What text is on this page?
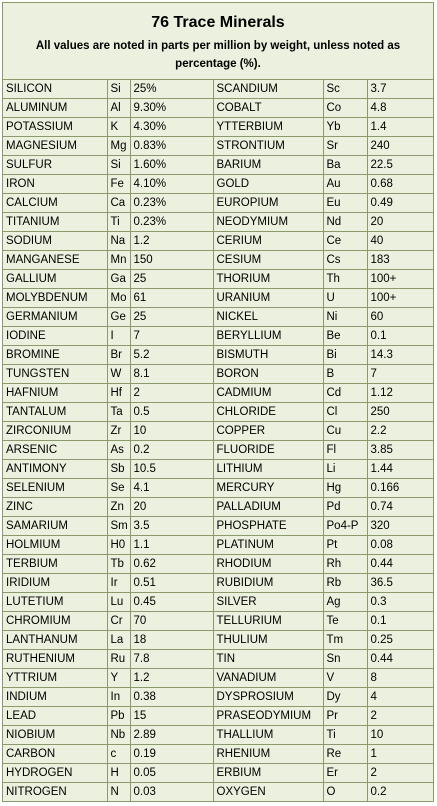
76 Trace Minerals
All values are noted in parts per million by weight, unless noted as percentage (%).
SILICON	Si	25%	SCANDIUM	Sc	3.7
ALUMINUM	Al	9.30%	COBALT	Co	4.8
POTASSIUM	K	4.30%	YTTERBIUM	Yb	1.4
MAGNESIUM	Mg	0.83%	STRONTIUM	Sr	240
SULFUR	Si	1.60%	BARIUM	Ba	22.5
IRON	Fe	4.10%	GOLD	Au	0.68
CALCIUM	Ca	0.23%	EUROPIUM	Eu	0.49
TITANIUM	Ti	0.23%	NEODYMIUM	Nd	20
SODIUM	Na	1.2	CERIUM	Ce	40
MANGANESE	Mn	150	CESIUM	Cs	183
GALLIUM	Ga	25	THORIUM	Th	100+
MOLYBDENUM	Mo	61	URANIUM	U	100+
GERMANIUM	Ge	25	NICKEL	Ni	60
IODINE	I	7	BERYLLIUM	Be	0.1
BROMINE	Br	5.2	BISMUTH	Bi	14.3
TUNGSTEN	W	8.1	BORON	B	7
HAFNIUM	Hf	2	CADMIUM	Cd	1.12
TANTALUM	Ta	0.5	CHLORIDE	Cl	250
ZIRCONIUM	Zr	10	COPPER	Cu	2.2
ARSENIC	As	0.2	FLUORIDE	Fl	3.85
ANTIMONY	Sb	10.5	LITHIUM	Li	1.44
SELENIUM	Se	4.1	MERCURY	Hg	0.166
ZINC	Zn	20	PALLADIUM	Pd	0.74
SAMARIUM	Sm	3.5	PHOSPHATE	Po4-P	320
HOLMIUM	H0	1.1	PLATINUM	Pt	0.08
TERBIUM	Tb	0.62	RHODIUM	Rh	0.44
IRIDIUM	Ir	0.51	RUBIDIUM	Rb	36.5
LUTETIUM	Lu	0.45	SILVER	Ag	0.3
CHROMIUM	Cr	70	TELLURIUM	Te	0.1
LANTHANUM	La	18	THULIUM	Tm	0.25
RUTHENIUM	Ru	7.8	TIN	Sn	0.44
YTTRIUM	Y	1.2	VANADIUM	V	8
INDIUM	In	0.38	DYSPROSIUM	Dy	4
LEAD	Pb	15	PRASEODYMIUM	Pr	2
NIOBIUM	Nb	2.89	THALLIUM	Ti	10
CARBON	c	0.19	RHENIUM	Re	1
HYDROGEN	H	0.05	ERBIUM	Er	2
NITROGEN	N	0.03	OXYGEN	O	0.2
